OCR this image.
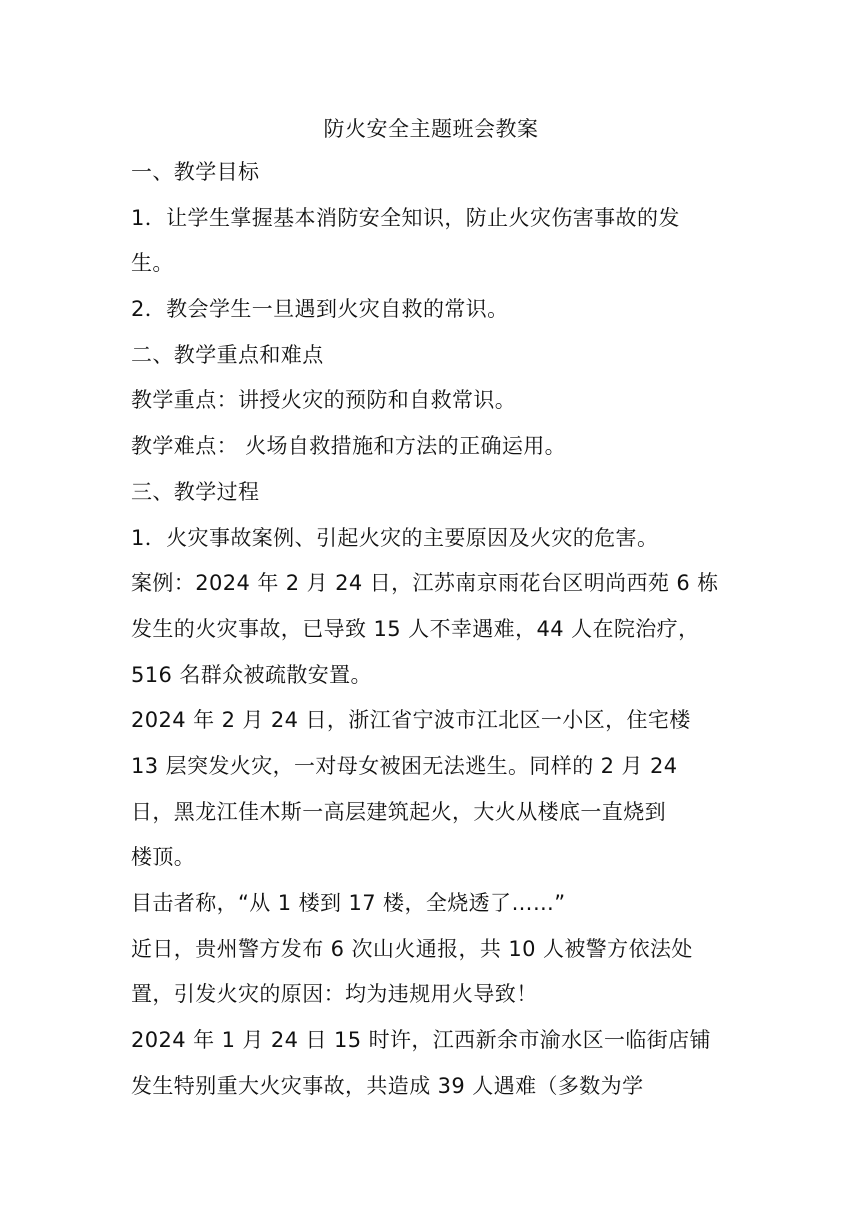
防火安全主题班会教案
一、教学目标
1．让学生掌握基本消防安全知识，防止火灾伤害事故的发
生。
2．教会学生一旦遇到火灾自救的常识。
二、教学重点和难点
教学重点：讲授火灾的预防和自救常识。
教学难点： 火场自救措施和方法的正确运用。
三、教学过程
1．火灾事故案例、引起火灾的主要原因及火灾的危害。
案例：2024 年 2 月 24 日，江苏南京雨花台区明尚西苑 6 栋
发生的火灾事故，已导致 15 人不幸遇难，44 人在院治疗，
516 名群众被疏散安置。
2024 年 2 月 24 日，浙江省宁波市江北区一小区，住宅楼
13 层突发火灾，一对母女被困无法逃生。同样的 2 月 24
日，黑龙江佳木斯一高层建筑起火，大火从楼底一直烧到
楼顶。
目击者称，“从 1 楼到 17 楼，全烧透了……”
近日，贵州警方发布 6 次山火通报，共 10 人被警方依法处
置，引发火灾的原因：均为违规用火导致！
2024 年 1 月 24 日 15 时许，江西新余市渝水区一临街店铺
发生特别重大火灾事故，共造成 39 人遇难（多数为学
